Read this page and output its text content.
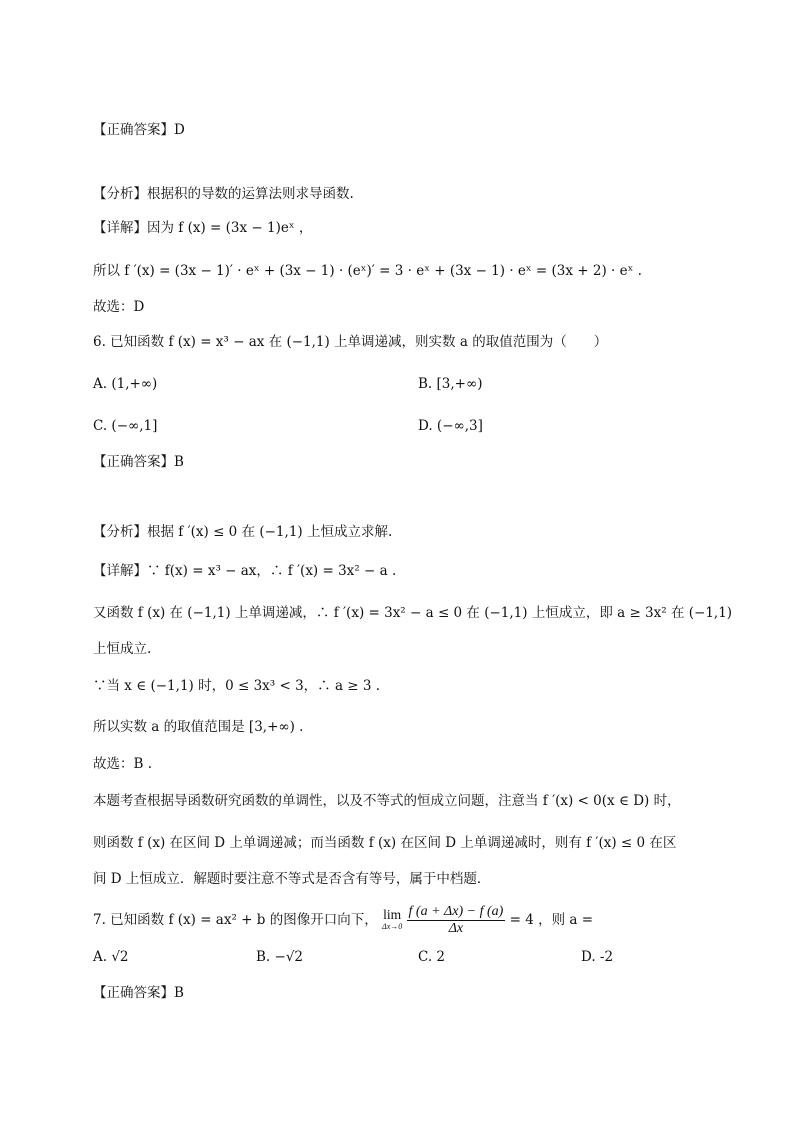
【正确答案】D
【分析】根据积的导数的运算法则求导函数.
【详解】因为 f (x) = (3x − 1)eˣ ，
所以 f ′(x) = (3x − 1)′ · eˣ + (3x − 1) · (eˣ)′ = 3 · eˣ + (3x − 1) · eˣ = (3x + 2) · eˣ .
故选：D
6. 已知函数 f (x) = x³ − ax 在 (−1,1) 上单调递减，则实数 a 的取值范围为（　　）
A. (1,+∞)	B. [3,+∞)
C. (−∞,1]	D. (−∞,3]
【正确答案】B
【分析】根据 f ′(x) ≤ 0 在 (−1,1) 上恒成立求解.
【详解】∵ f(x) = x³ − ax，∴ f ′(x) = 3x² − a .
又函数 f (x) 在 (−1,1) 上单调递减，∴ f ′(x) = 3x² − a ≤ 0 在 (−1,1) 上恒成立，即 a ≥ 3x² 在 (−1,1)
上恒成立.
∵当 x ∈ (−1,1) 时，0 ≤ 3x³ < 3，∴ a ≥ 3 .
所以实数 a 的取值范围是 [3,+∞) .
故选：B .
本题考查根据导函数研究函数的单调性，以及不等式的恒成立问题，注意当 f ′(x) < 0(x ∈ D) 时，
则函数 f (x) 在区间 D 上单调递减；而当函数 f (x) 在区间 D 上单调递减时，则有 f ′(x) ≤ 0 在区
间 D 上恒成立．解题时要注意不等式是否含有等号，属于中档题．
7. 已知函数 f (x) = ax² + b 的图像开口向下， lim
Δx→0
$\frac{f (a + \Delta x) - f (a)}{\Delta x} = 4$ ，则 a =
A. √2	B. −√2	C. 2	D. -2
【正确答案】B
